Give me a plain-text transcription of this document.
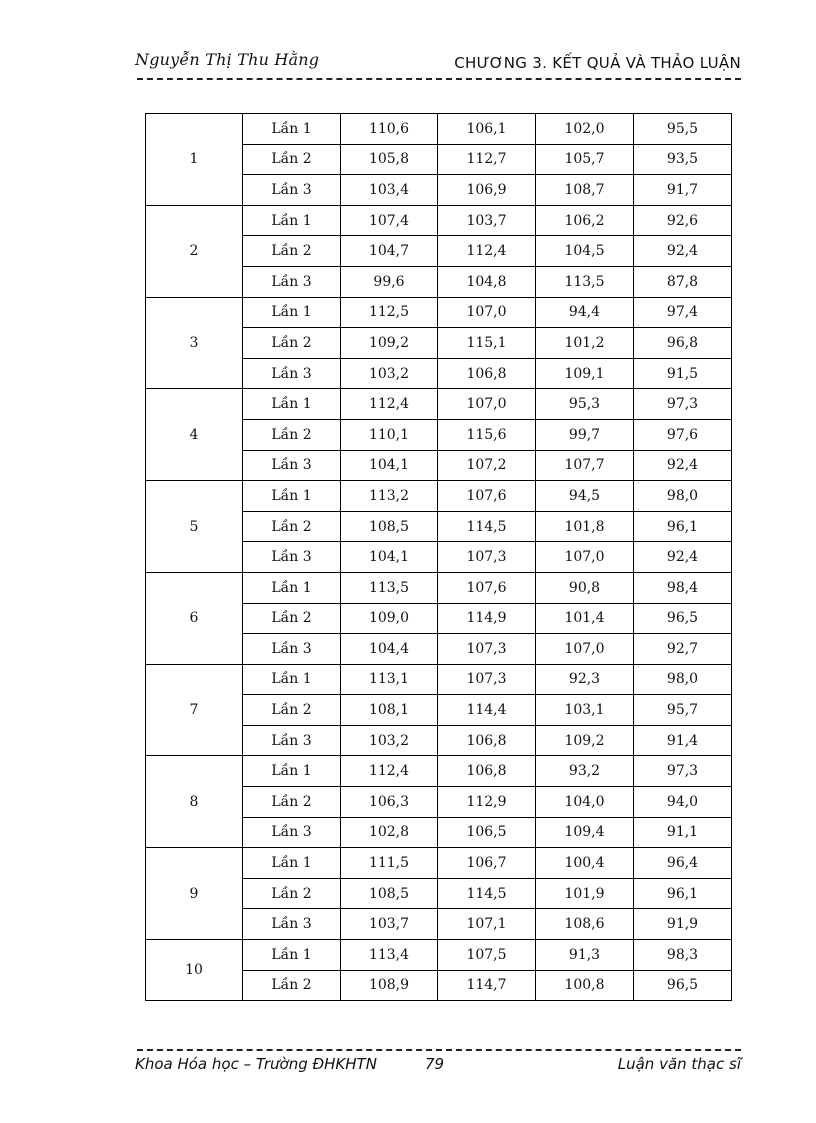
Nguyễn Thị Thu Hằng	CHƯƠNG 3. KẾT QUẢ VÀ THẢO LUẬN
1	Lần 1	110,6	106,1	102,0	95,5
	Lần 2	105,8	112,7	105,7	93,5
	Lần 3	103,4	106,9	108,7	91,7
2	Lần 1	107,4	103,7	106,2	92,6
	Lần 2	104,7	112,4	104,5	92,4
	Lần 3	99,6	104,8	113,5	87,8
3	Lần 1	112,5	107,0	94,4	97,4
	Lần 2	109,2	115,1	101,2	96,8
	Lần 3	103,2	106,8	109,1	91,5
4	Lần 1	112,4	107,0	95,3	97,3
	Lần 2	110,1	115,6	99,7	97,6
	Lần 3	104,1	107,2	107,7	92,4
5	Lần 1	113,2	107,6	94,5	98,0
	Lần 2	108,5	114,5	101,8	96,1
	Lần 3	104,1	107,3	107,0	92,4
6	Lần 1	113,5	107,6	90,8	98,4
	Lần 2	109,0	114,9	101,4	96,5
	Lần 3	104,4	107,3	107,0	92,7
7	Lần 1	113,1	107,3	92,3	98,0
	Lần 2	108,1	114,4	103,1	95,7
	Lần 3	103,2	106,8	109,2	91,4
8	Lần 1	112,4	106,8	93,2	97,3
	Lần 2	106,3	112,9	104,0	94,0
	Lần 3	102,8	106,5	109,4	91,1
9	Lần 1	111,5	106,7	100,4	96,4
	Lần 2	108,5	114,5	101,9	96,1
	Lần 3	103,7	107,1	108,6	91,9
10	Lần 1	113,4	107,5	91,3	98,3
	Lần 2	108,9	114,7	100,8	96,5
Khoa Hóa học – Trường ĐHKHTN	79	Luận văn thạc sĩ
